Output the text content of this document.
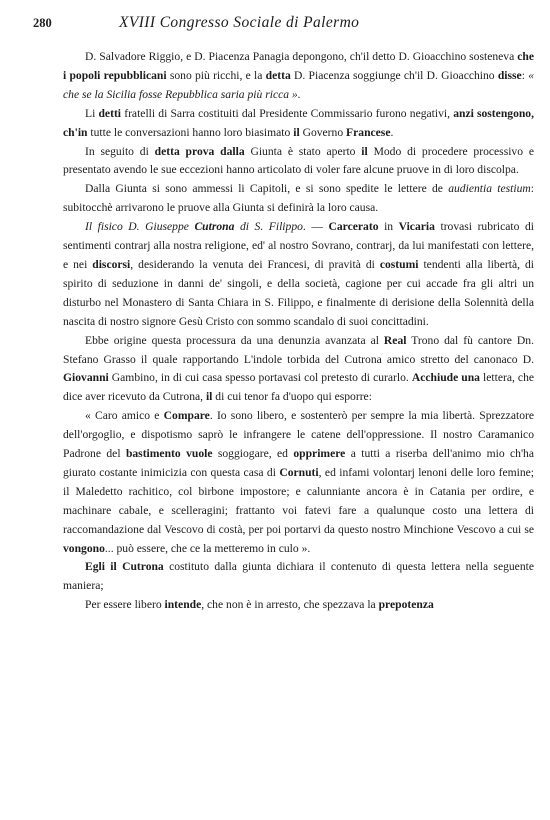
280	XVIII Congresso Sociale di Palermo

D. Salvadore Riggio, e D. Piacenza Panagia depongono, ch'il detto D. Gioacchino sosteneva che i popoli repubblicani sono più ricchi, e la detta D. Piacenza soggiunge ch'il D. Gioacchino disse: « che se la Sicilia fosse Repubblica saria più ricca ».

Li detti fratelli di Sarra costituiti dal Presidente Commissario furono negativi, anzi sostengono, ch'in tutte le conversazioni hanno loro biasimato il Governo Francese.

In seguito di detta prova dalla Giunta è stato aperto il Modo di procedere processivo e presentato avendo le sue eccezioni hanno articolato di voler fare alcune pruove in di loro discolpa.

Dalla Giunta si sono ammessi li Capitoli, e si sono spedite le lettere de audientia testium: subitocchè arrivarono le pruove alla Giunta si definirà la loro causa.

Il fisico D. Giuseppe Cutrona di S. Filippo. — Carcerato in Vicaria trovasi rubricato di sentimenti contrarj alla nostra religione, ed' al nostro Sovrano, contrarj, da lui manifestati con lettere, e nei discorsi, desiderando la venuta dei Francesi, di pravità di costumi tendenti alla libertà, di spirito di seduzione in danni de' singoli, e della società, cagione per cui accade fra gli altri un disturbo nel Monastero di Santa Chiara in S. Filippo, e finalmente di derisione della Solennità della nascita di nostro signore Gesù Cristo con sommo scandalo di suoi concittadini.

Ebbe origine questa processura da una denunzia avanzata al Real Trono dal fù cantore Dn. Stefano Grasso il quale rapportando L'indole torbida del Cutrona amico stretto del canonaco D. Giovanni Gambino, in di cui casa spesso portavasi col pretesto di curarlo. Acchiude una lettera, che dice aver ricevuto da Cutrona, il di cui tenor fa d'uopo qui esporre:

« Caro amico e Compare. Io sono libero, e sostenterò per sempre la mia libertà. Sprezzatore dell'orgoglio, e dispotismo saprò le infrangere le catene dell'oppressione. Il nostro Caramanico Padrone del bastimento vuole soggiogare, ed opprimere a tutti a riserba dell'animo mio ch'ha giurato costante inimicizia con questa casa di Cornuti, ed infami volontarj lenoni delle loro femine; il Maledetto rachitico, col birbone impostore; e calunniante ancora è in Catania per ordire, e machinare cabale, e scelleragini; frattanto voi fatevi fare a qualunque costo una lettera di raccomandazione dal Vescovo di costà, per poi portarvi da questo nostro Minchione Vescovo a cui se vongono... può essere, che ce la metteremo in culo ».

Egli il Cutrona costituto dalla giunta dichiara il contenuto di questa lettera nella seguente maniera;

Per essere libero intende, che non è in arresto, che spezzava la prepotenza
